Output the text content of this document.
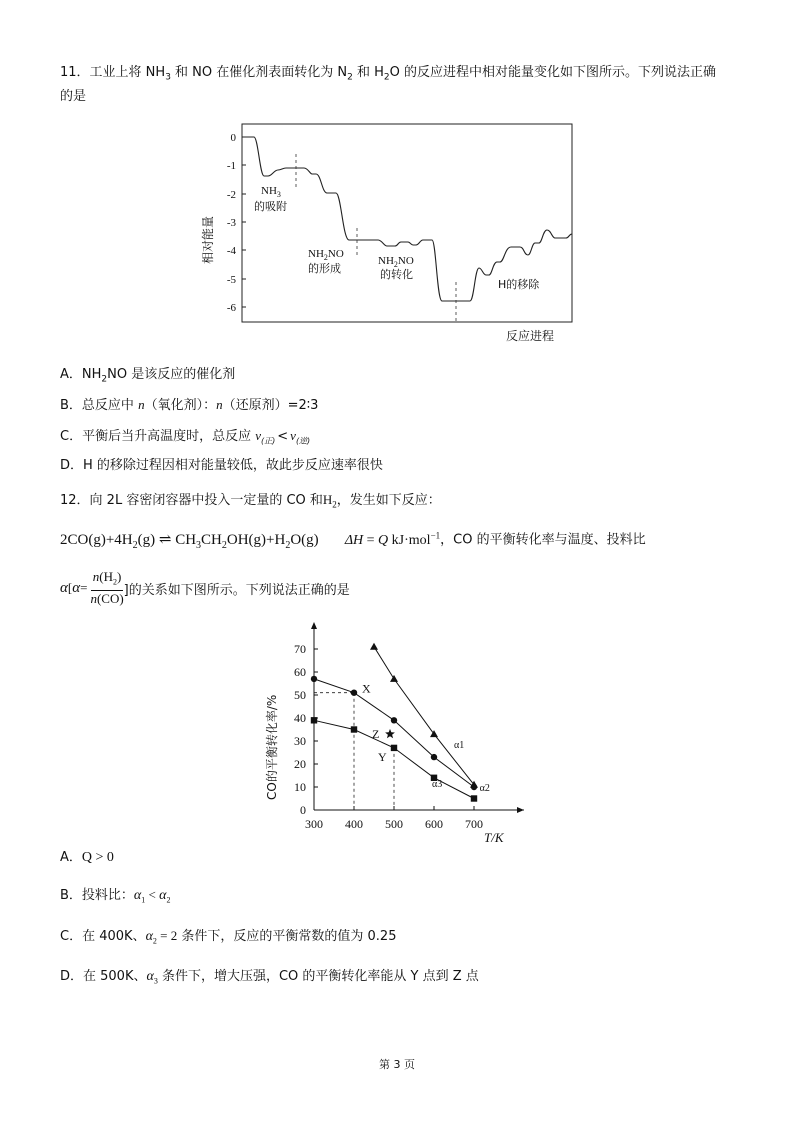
11．工业上将 $NH_3$ 和 NO 在催化剂表面转化为 $N_2$ 和 $H_2O$ 的反应进程中相对能量变化如下图所示。下列说法正确
的是
0
-1
-2
-3
-4
-5
-6
相对能量
反应进程
$NH_3$
的吸附
$NH_2NO$
的形成
$NH_2NO$
的转化
H的移除
A．$NH_2NO$ 是该反应的催化剂
B．总反应中 n（氧化剂）：n（还原剂）=2∶3
C．平衡后当升高温度时，总反应 $v_{(正)} < v_{(逆)}$
D．H 的移除过程因相对能量较低，故此步反应速率很快
12．向 2L 容密闭容器中投入一定量的 CO 和$H_2$，发生如下反应：
$2CO(g)+4H_2(g)$ ⇌ $CH_3CH_2OH(g)+H_2O(g) \Delta H = Q$ kJ·mol$^{-1}$，CO 的平衡转化率与温度、投料比
α [ $\alpha = \frac{n(H_2)}{n(CO)}$ ]的关系如下图所示。下列说法正确的是
0
10
20
30
40
50
60
70
300 400 500 600 700
α1
α2
α3
X
Z
Y
CO的平衡转化率/%
T/K
A．Q > 0
B．投料比：$\alpha_1 < \alpha_2$
C．在 400K、$\alpha_2 = 2$ 条件下，反应的平衡常数的值为 0.25
D．在 500K、$\alpha_3$ 条件下，增大压强，CO 的平衡转化率能从 Y 点到 Z 点
第 3 页
